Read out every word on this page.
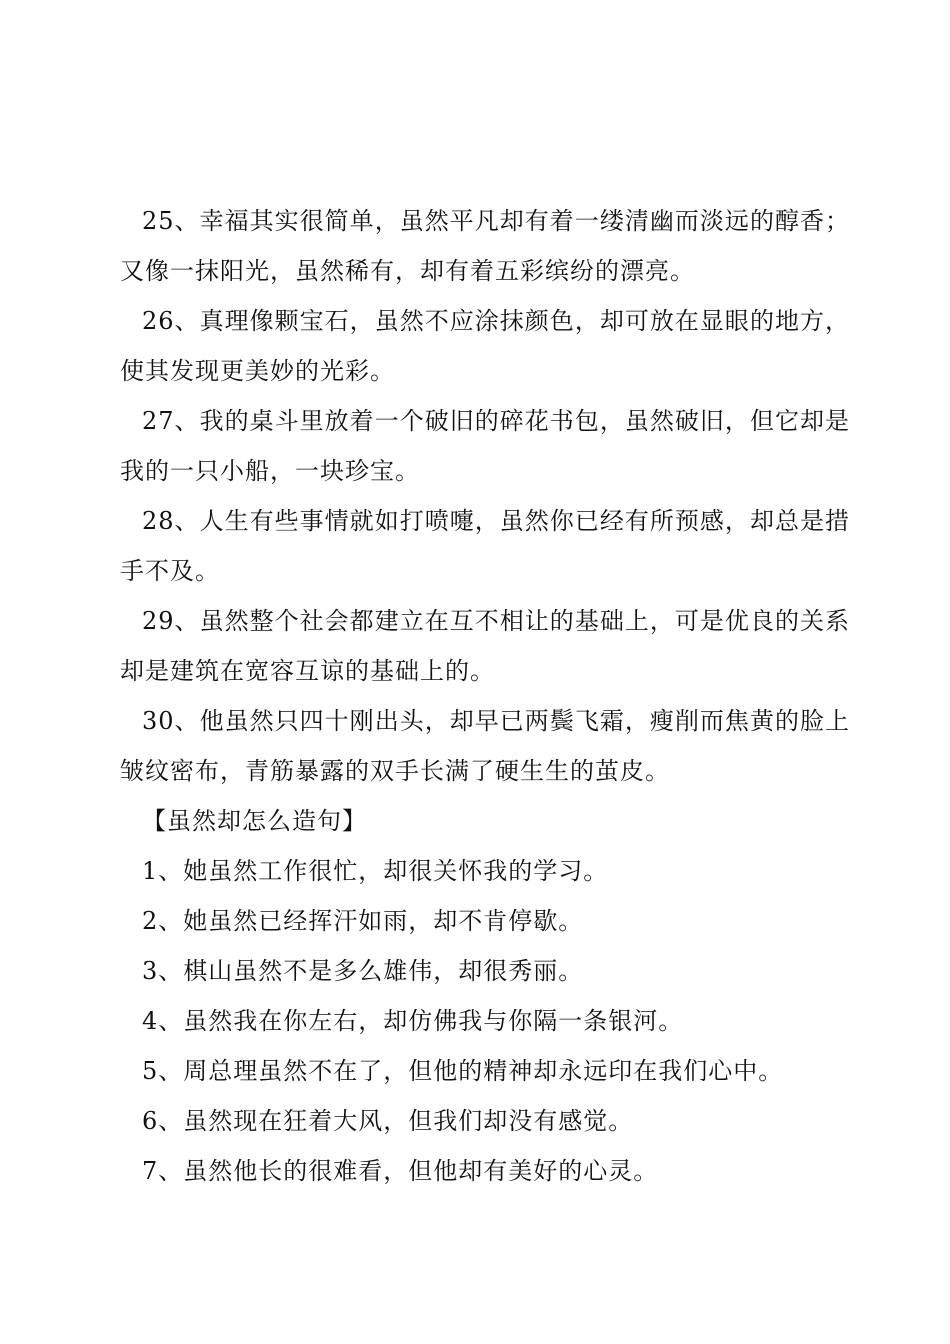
25、幸福其实很简单，虽然平凡却有着一缕清幽而淡远的醇香；又像一抹阳光，虽然稀有，却有着五彩缤纷的漂亮。

26、真理像颗宝石，虽然不应涂抹颜色，却可放在显眼的地方，使其发现更美妙的光彩。

27、我的桌斗里放着一个破旧的碎花书包，虽然破旧，但它却是我的一只小船，一块珍宝。

28、人生有些事情就如打喷嚏，虽然你已经有所预感，却总是措手不及。

29、虽然整个社会都建立在互不相让的基础上，可是优良的关系却是建筑在宽容互谅的基础上的。

30、他虽然只四十刚出头，却早已两鬓飞霜，瘦削而焦黄的脸上皱纹密布，青筋暴露的双手长满了硬生生的茧皮。

【虽然却怎么造句】

1、她虽然工作很忙，却很关怀我的学习。

2、她虽然已经挥汗如雨，却不肯停歇。

3、棋山虽然不是多么雄伟，却很秀丽。

4、虽然我在你左右，却仿佛我与你隔一条银河。

5、周总理虽然不在了，但他的精神却永远印在我们心中。

6、虽然现在狂着大风，但我们却没有感觉。

7、虽然他长的很难看，但他却有美好的心灵。
